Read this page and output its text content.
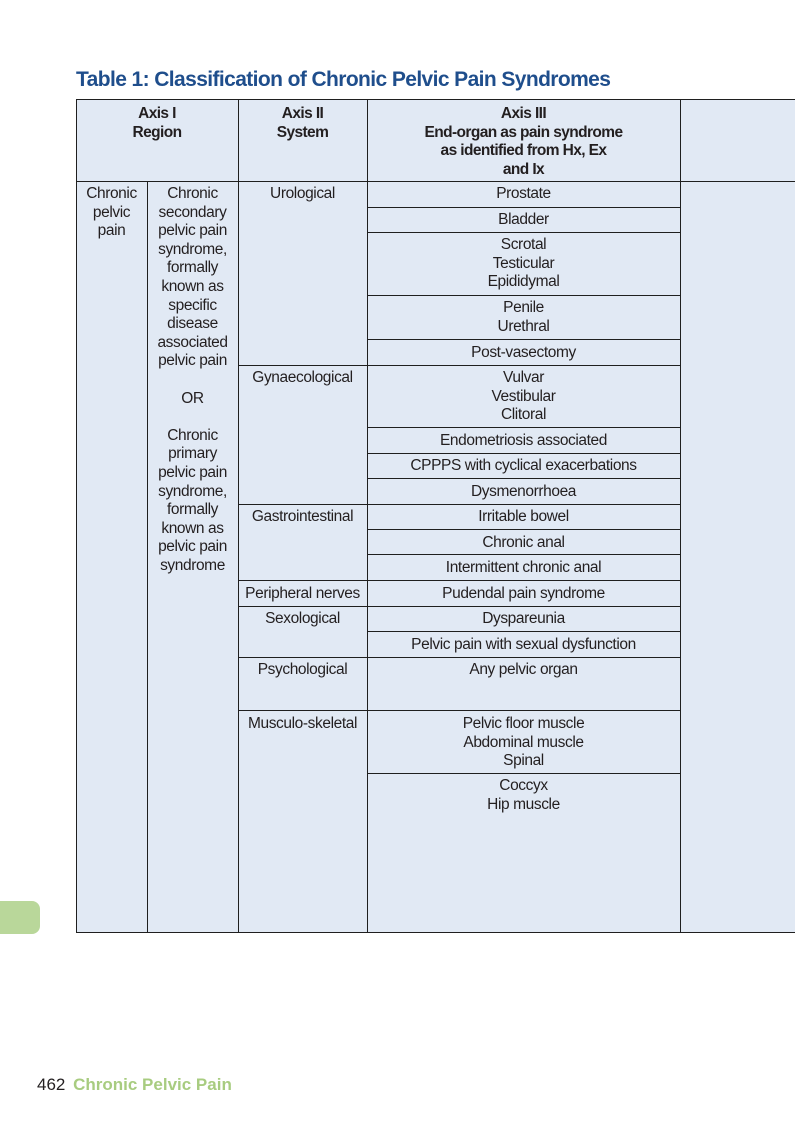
Table 1: Classification of Chronic Pelvic Pain Syndromes
Axis I
Region
Axis II
System
Axis III
End-organ as pain syndrome
as identified from Hx, Ex
and Ix
Chronic
pelvic
pain
Chronic
secondary
pelvic pain
syndrome,
formally
known as
specific
disease
associated
pelvic pain

OR

Chronic
primary
pelvic pain
syndrome,
formally
known as
pelvic pain
syndrome
Urological
Gynaecological
Gastrointestinal
Peripheral nerves
Sexological
Psychological
Musculo-skeletal
Prostate
Bladder
Scrotal
Testicular
Epididymal
Penile
Urethral
Post-vasectomy
Vulvar
Vestibular
Clitoral
Endometriosis associated
CPPPS with cyclical exacerbations
Dysmenorrhoea
Irritable bowel
Chronic anal
Intermittent chronic anal
Pudendal pain syndrome
Dyspareunia
Pelvic pain with sexual dysfunction
Any pelvic organ
Pelvic floor muscle
Abdominal muscle
Spinal
Coccyx
Hip muscle
462 Chronic Pelvic Pain
